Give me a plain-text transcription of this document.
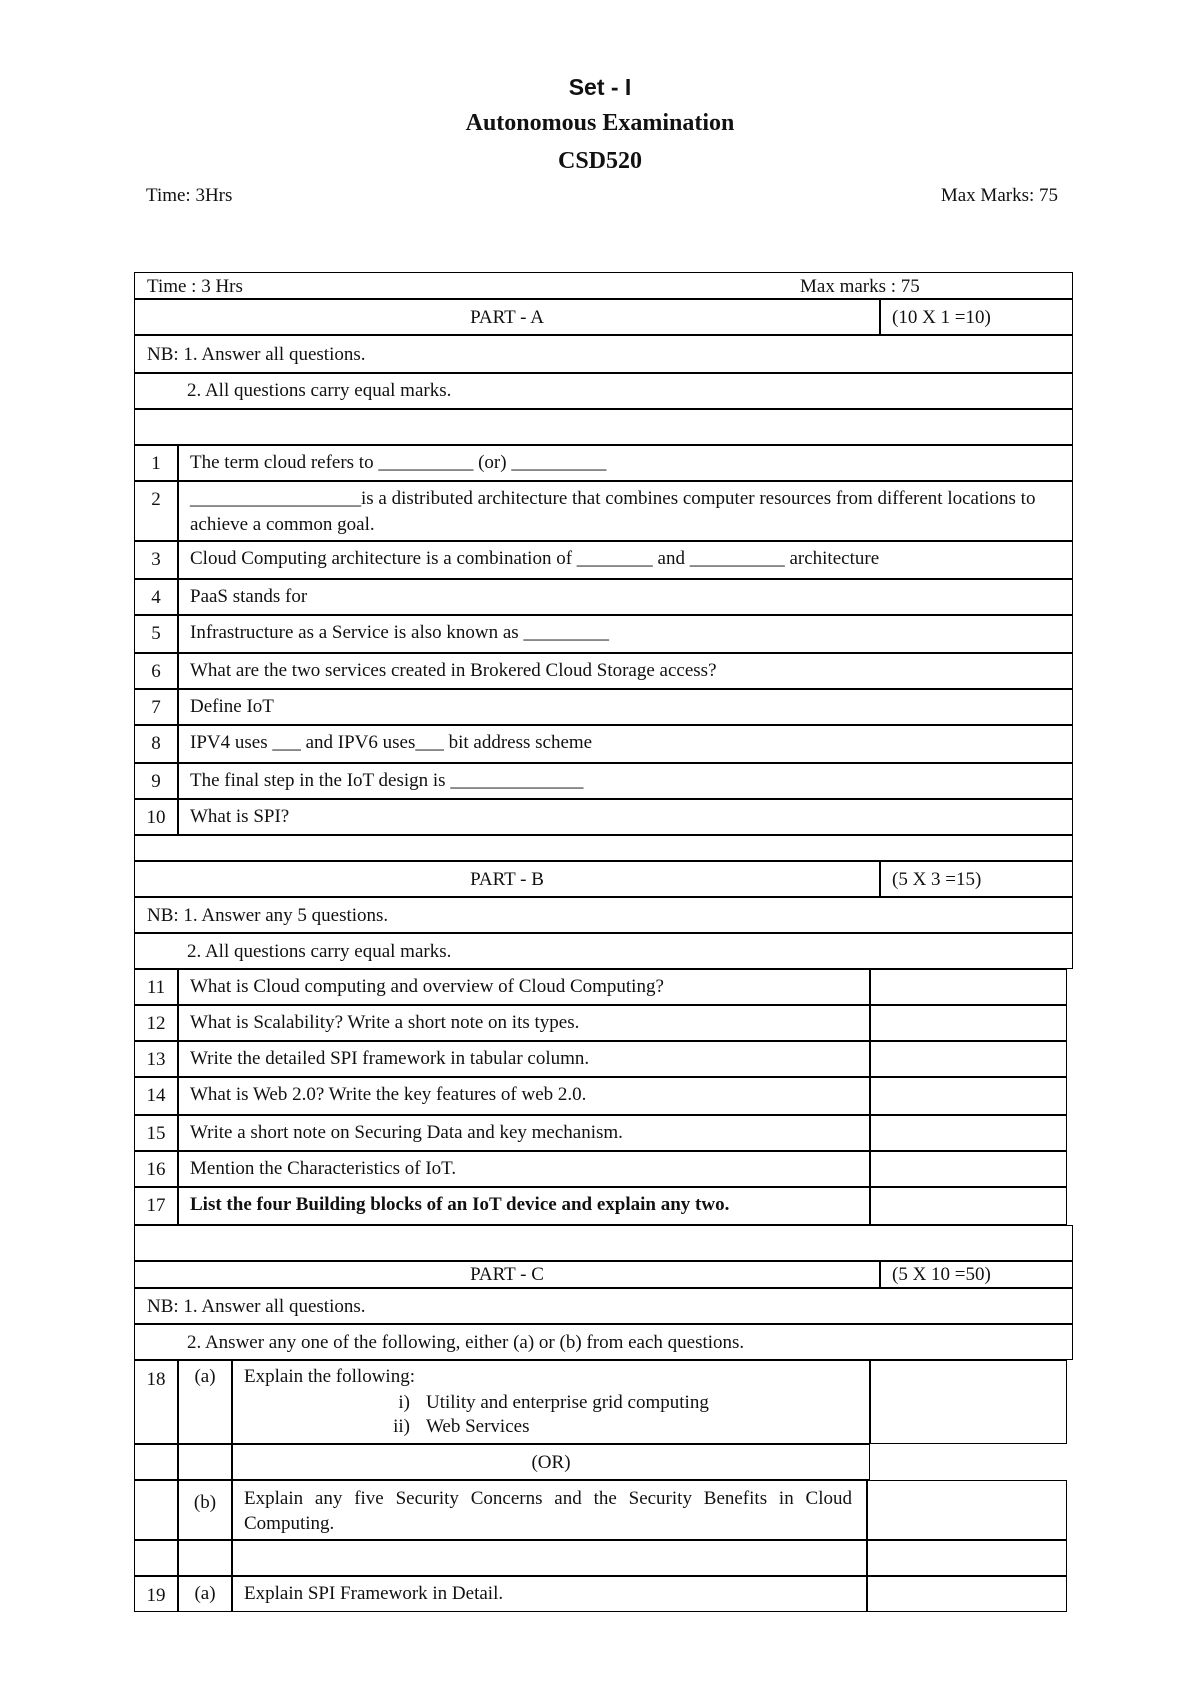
Set - I
Autonomous Examination
CSD520
Time: 3Hrs	Max Marks: 75
Time : 3 Hrs	Max marks : 75
PART - A	(10 X 1 =10)
NB: 1. Answer all questions.
2. All questions carry equal marks.
1	The term cloud refers to __________ (or) __________
2	__________________is a distributed architecture that combines computer resources from different locations to achieve a common goal.
3	Cloud Computing architecture is a combination of ________ and __________ architecture
4	PaaS stands for
5	Infrastructure as a Service is also known as _________
6	What are the two services created in Brokered Cloud Storage access?
7	Define IoT
8	IPV4 uses ___ and IPV6 uses___ bit address scheme
9	The final step in the IoT design is ______________
10	What is SPI?
PART - B	(5 X 3 =15)
NB: 1. Answer any 5 questions.
2. All questions carry equal marks.
11	What is Cloud computing and overview of Cloud Computing?
12	What is Scalability? Write a short note on its types.
13	Write the detailed SPI framework in tabular column.
14	What is Web 2.0? Write the key features of web 2.0.
15	Write a short note on Securing Data and key mechanism.
16	Mention the Characteristics of IoT.
17	List the four Building blocks of an IoT device and explain any two.
PART - C	(5 X 10 =50)
NB: 1. Answer all questions.
2. Answer any one of the following, either (a) or (b) from each questions.
18	(a)	Explain the following:
i) Utility and enterprise grid computing
ii) Web Services
(OR)
(b)	Explain any five Security Concerns and the Security Benefits in Cloud Computing.
19	(a)	Explain SPI Framework in Detail.
